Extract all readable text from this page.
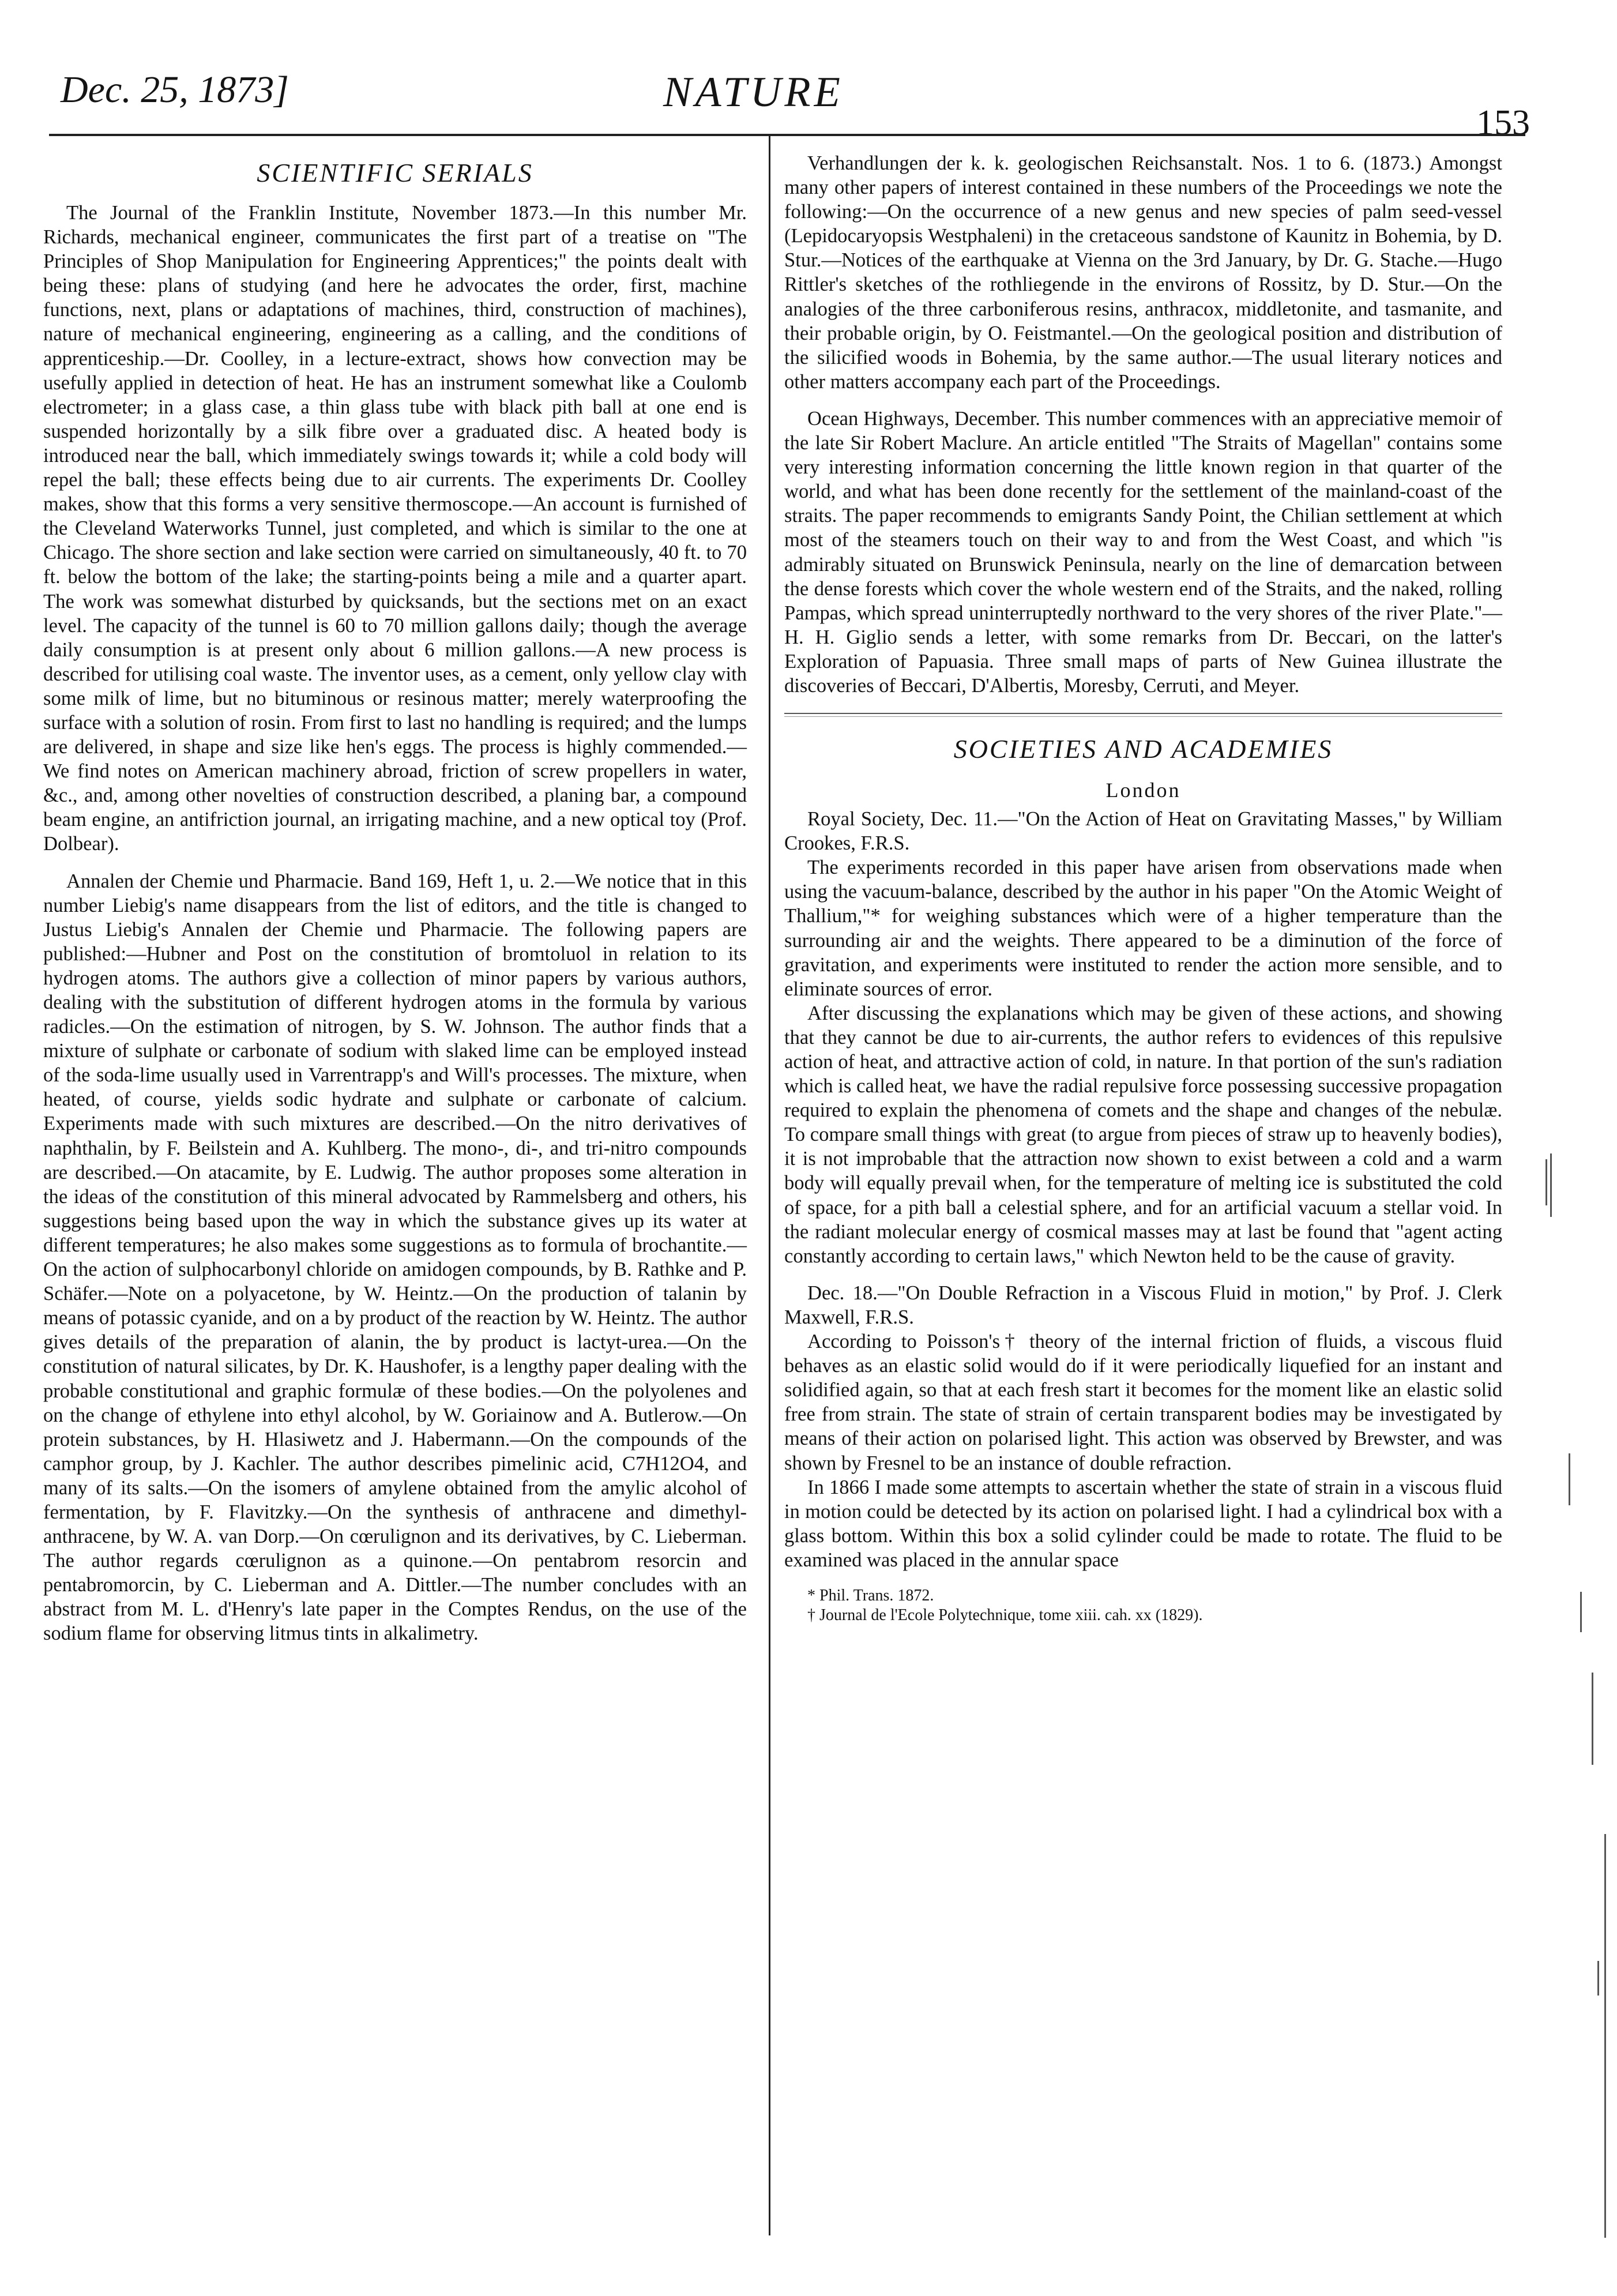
Dec. 25, 1873]	NATURE
153
SCIENTIFIC SERIALS

The Journal of the Franklin Institute, November 1873.—In this number Mr. Richards, mechanical engineer, communicates the first part of a treatise on "The Principles of Shop Manipulation for Engineering Apprentices;" the points dealt with being these: plans of studying (and here he advocates the order, first, machine functions, next, plans or adaptations of machines, third, construction of machines), nature of mechanical engineering, engineering as a calling, and the conditions of apprenticeship.—Dr. Coolley, in a lecture-extract, shows how convection may be usefully applied in detection of heat. He has an instrument somewhat like a Coulomb electrometer; in a glass case, a thin glass tube with black pith ball at one end is suspended horizontally by a silk fibre over a graduated disc. A heated body is introduced near the ball, which immediately swings towards it; while a cold body will repel the ball; these effects being due to air currents. The experiments Dr. Coolley makes, show that this forms a very sensitive thermoscope.—An account is furnished of the Cleveland Waterworks Tunnel, just completed, and which is similar to the one at Chicago. The shore section and lake section were carried on simultaneously, 40 ft. to 70 ft. below the bottom of the lake; the starting-points being a mile and a quarter apart. The work was somewhat disturbed by quicksands, but the sections met on an exact level. The capacity of the tunnel is 60 to 70 million gallons daily; though the average daily consumption is at present only about 6 million gallons.—A new process is described for utilising coal waste. The inventor uses, as a cement, only yellow clay with some milk of lime, but no bituminous or resinous matter; merely waterproofing the surface with a solution of rosin. From first to last no handling is required; and the lumps are delivered, in shape and size like hen's eggs. The process is highly commended.—We find notes on American machinery abroad, friction of screw propellers in water, &c., and, among other novelties of construction described, a planing bar, a compound beam engine, an antifriction journal, an irrigating machine, and a new optical toy (Prof. Dolbear).

Annalen der Chemie und Pharmacie. Band 169, Heft 1, u. 2.—We notice that in this number Liebig's name disappears from the list of editors, and the title is changed to Justus Liebig's Annalen der Chemie und Pharmacie. The following papers are published:—Hubner and Post on the constitution of bromtoluol in relation to its hydrogen atoms. The authors give a collection of minor papers by various authors, dealing with the substitution of different hydrogen atoms in the formula by various radicles.—On the estimation of nitrogen, by S. W. Johnson. The author finds that a mixture of sulphate or carbonate of sodium with slaked lime can be employed instead of the soda-lime usually used in Varrentrapp's and Will's processes. The mixture, when heated, of course, yields sodic hydrate and sulphate or carbonate of calcium. Experiments made with such mixtures are described.—On the nitro derivatives of naphthalin, by F. Beilstein and A. Kuhlberg. The mono-, di-, and tri-nitro compounds are described.—On atacamite, by E. Ludwig. The author proposes some alteration in the ideas of the constitution of this mineral advocated by Rammelsberg and others, his suggestions being based upon the way in which the substance gives up its water at different temperatures; he also makes some suggestions as to formula of brochantite.—On the action of sulphocarbonyl chloride on amidogen compounds, by B. Rathke and P. Schäfer.—Note on a polyacetone, by W. Heintz.—On the production of talanin by means of potassic cyanide, and on a by product of the reaction by W. Heintz. The author gives details of the preparation of alanin, the by product is lactyt-urea.—On the constitution of natural silicates, by Dr. K. Haushofer, is a lengthy paper dealing with the probable constitutional and graphic formulæ of these bodies.—On the polyolenes and on the change of ethylene into ethyl alcohol, by W. Goriainow and A. Butlerow.—On protein substances, by H. Hlasiwetz and J. Habermann.—On the compounds of the camphor group, by J. Kachler. The author describes pimelinic acid, C7H12O4, and many of its salts.—On the isomers of amylene obtained from the amylic alcohol of fermentation, by F. Flavitzky.—On the synthesis of anthracene and dimethyl-anthracene, by W. A. van Dorp.—On cœrulignon and its derivatives, by C. Lieberman. The author regards cœrulignon as a quinone.—On pentabrom resorcin and pentabromorcin, by C. Lieberman and A. Dittler.—The number concludes with an abstract from M. L. d'Henry's late paper in the Comptes Rendus, on the use of the sodium flame for observing litmus tints in alkalimetry.

Verhandlungen der k. k. geologischen Reichsanstalt. Nos. 1 to 6. (1873.) Amongst many other papers of interest contained in these numbers of the Proceedings we note the following:—On the occurrence of a new genus and new species of palm seed-vessel (Lepidocaryopsis Westphaleni) in the cretaceous sandstone of Kaunitz in Bohemia, by D. Stur.—Notices of the earthquake at Vienna on the 3rd January, by Dr. G. Stache.—Hugo Rittler's sketches of the rothliegende in the environs of Rossitz, by D. Stur.—On the analogies of the three carboniferous resins, anthracox, middletonite, and tasmanite, and their probable origin, by O. Feistmantel.—On the geological position and distribution of the silicified woods in Bohemia, by the same author.—The usual literary notices and other matters accompany each part of the Proceedings.

Ocean Highways, December. This number commences with an appreciative memoir of the late Sir Robert Maclure. An article entitled "The Straits of Magellan" contains some very interesting information concerning the little known region in that quarter of the world, and what has been done recently for the settlement of the mainland-coast of the straits. The paper recommends to emigrants Sandy Point, the Chilian settlement at which most of the steamers touch on their way to and from the West Coast, and which "is admirably situated on Brunswick Peninsula, nearly on the line of demarcation between the dense forests which cover the whole western end of the Straits, and the naked, rolling Pampas, which spread uninterruptedly northward to the very shores of the river Plate."—H. H. Giglio sends a letter, with some remarks from Dr. Beccari, on the latter's Exploration of Papuasia. Three small maps of parts of New Guinea illustrate the discoveries of Beccari, D'Albertis, Moresby, Cerruti, and Meyer.

SOCIETIES AND ACADEMIES
London

Royal Society, Dec. 11.—"On the Action of Heat on Gravitating Masses," by William Crookes, F.R.S.

The experiments recorded in this paper have arisen from observations made when using the vacuum-balance, described by the author in his paper "On the Atomic Weight of Thallium,"* for weighing substances which were of a higher temperature than the surrounding air and the weights. There appeared to be a diminution of the force of gravitation, and experiments were instituted to render the action more sensible, and to eliminate sources of error.

After discussing the explanations which may be given of these actions, and showing that they cannot be due to air-currents, the author refers to evidences of this repulsive action of heat, and attractive action of cold, in nature. In that portion of the sun's radiation which is called heat, we have the radial repulsive force possessing successive propagation required to explain the phenomena of comets and the shape and changes of the nebulæ. To compare small things with great (to argue from pieces of straw up to heavenly bodies), it is not improbable that the attraction now shown to exist between a cold and a warm body will equally prevail when, for the temperature of melting ice is substituted the cold of space, for a pith ball a celestial sphere, and for an artificial vacuum a stellar void. In the radiant molecular energy of cosmical masses may at last be found that "agent acting constantly according to certain laws," which Newton held to be the cause of gravity.

Dec. 18.—"On Double Refraction in a Viscous Fluid in motion," by Prof. J. Clerk Maxwell, F.R.S.

According to Poisson's† theory of the internal friction of fluids, a viscous fluid behaves as an elastic solid would do if it were periodically liquefied for an instant and solidified again, so that at each fresh start it becomes for the moment like an elastic solid free from strain. The state of strain of certain transparent bodies may be investigated by means of their action on polarised light. This action was observed by Brewster, and was shown by Fresnel to be an instance of double refraction.

In 1866 I made some attempts to ascertain whether the state of strain in a viscous fluid in motion could be detected by its action on polarised light. I had a cylindrical box with a glass bottom. Within this box a solid cylinder could be made to rotate. The fluid to be examined was placed in the annular space

* Phil. Trans. 1872.
† Journal de l'Ecole Polytechnique, tome xiii. cah. xx (1829).
